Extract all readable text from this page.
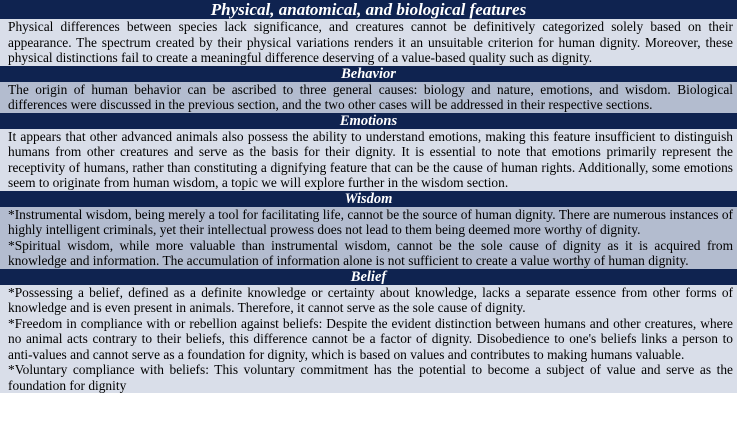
Physical, anatomical, and biological features

Physical differences between species lack significance, and creatures cannot be definitively categorized solely based on their appearance. The spectrum created by their physical variations renders it an unsuitable criterion for human dignity. Moreover, these physical distinctions fail to create a meaningful difference deserving of a value-based quality such as dignity.

Behavior

The origin of human behavior can be ascribed to three general causes: biology and nature, emotions, and wisdom. Biological differences were discussed in the previous section, and the two other cases will be addressed in their respective sections.

Emotions

It appears that other advanced animals also possess the ability to understand emotions, making this feature insufficient to distinguish humans from other creatures and serve as the basis for their dignity. It is essential to note that emotions primarily represent the receptivity of humans, rather than constituting a dignifying feature that can be the cause of human rights. Additionally, some emotions seem to originate from human wisdom, a topic we will explore further in the wisdom section.

Wisdom

*Instrumental wisdom, being merely a tool for facilitating life, cannot be the source of human dignity. There are numerous instances of highly intelligent criminals, yet their intellectual prowess does not lead to them being deemed more worthy of dignity.

*Spiritual wisdom, while more valuable than instrumental wisdom, cannot be the sole cause of dignity as it is acquired from knowledge and information. The accumulation of information alone is not sufficient to create a value worthy of human dignity.

Belief

*Possessing a belief, defined as a definite knowledge or certainty about knowledge, lacks a separate essence from other forms of knowledge and is even present in animals. Therefore, it cannot serve as the sole cause of dignity.

*Freedom in compliance with or rebellion against beliefs: Despite the evident distinction between humans and other creatures, where no animal acts contrary to their beliefs, this difference cannot be a factor of dignity. Disobedience to one's beliefs links a person to anti-values and cannot serve as a foundation for dignity, which is based on values and contributes to making humans valuable.

*Voluntary compliance with beliefs: This voluntary commitment has the potential to become a subject of value and serve as the foundation for dignity
